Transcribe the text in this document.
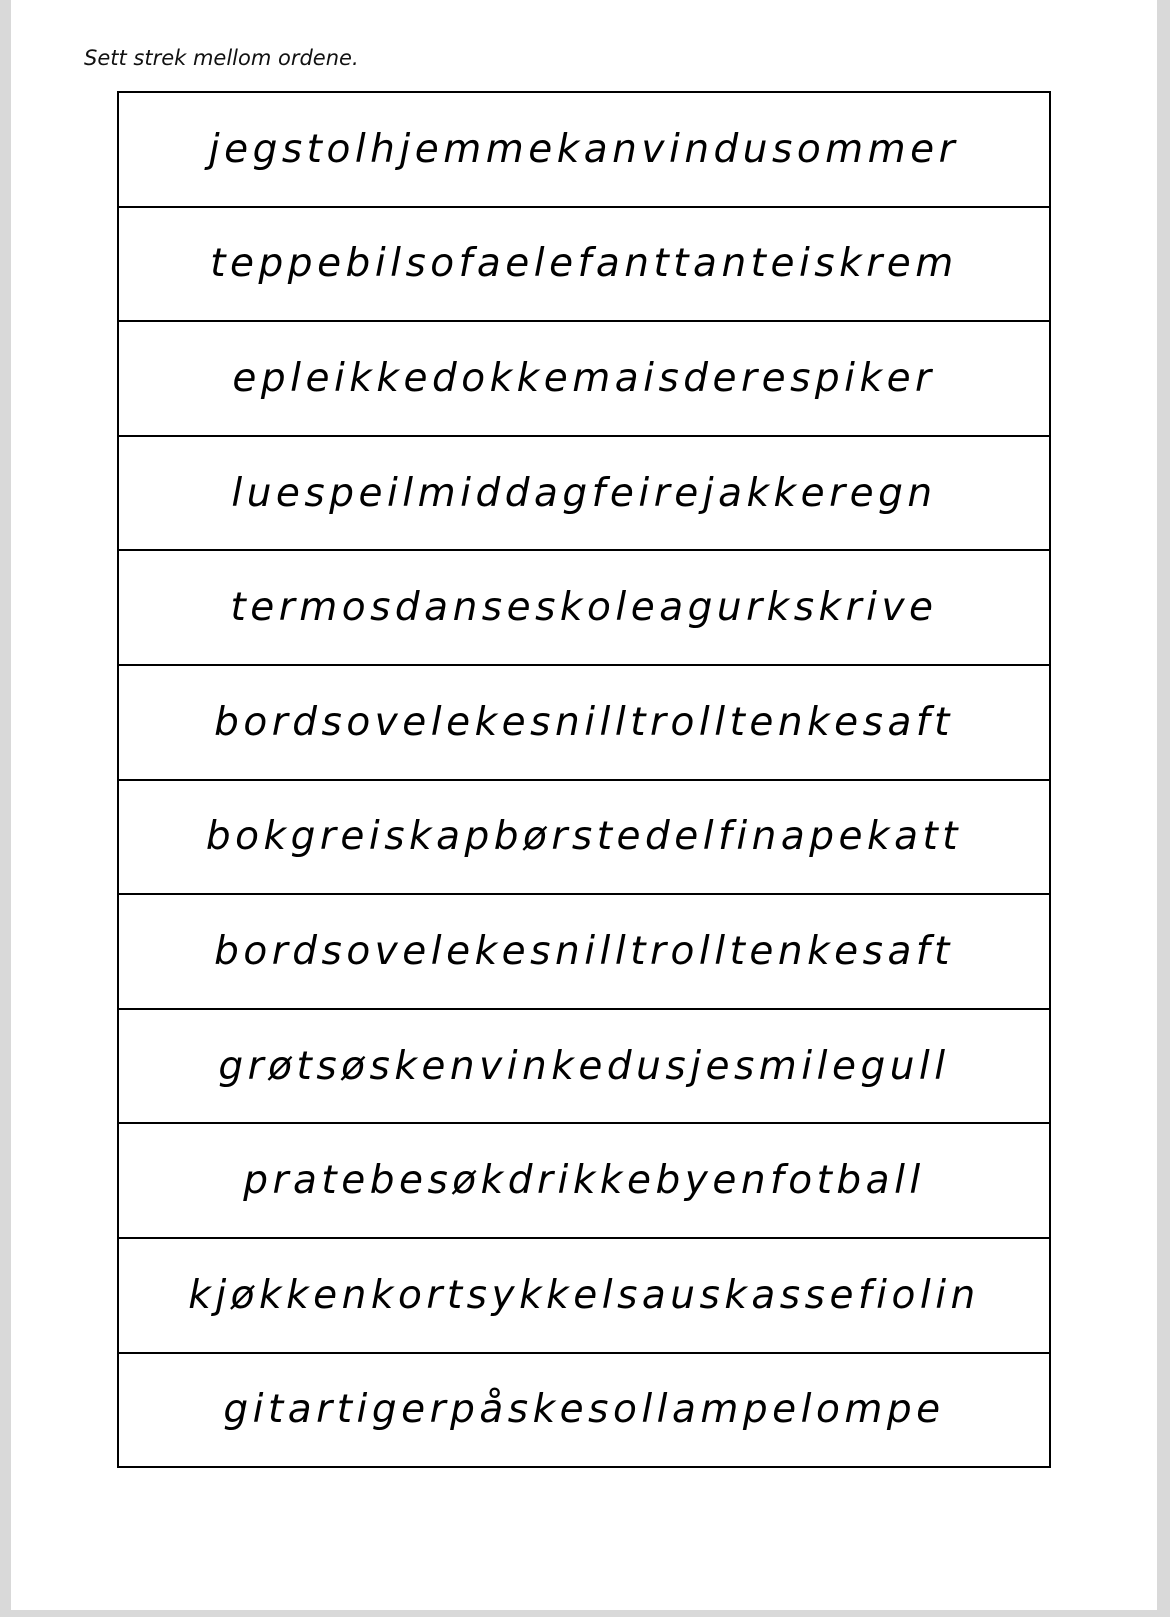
Sett strek mellom ordene.

jegstolhjemmekanvindusommer
teppebilsofaelefanttanteiskrem
epleikkedokkemaisderespiker
luespeilmiddagfeirejakkeregn
termosdanseskoleagurkskrive
bordsovelekesnilltrolltenkesaft
bokgreiskapbørstedelfinapekatt
bordsovelekesnilltrolltenkesaft
grøtsøskenvinkedusjesmilegull
pratebesøkdrikkebyenfotball
kjøkkenkortsykkelsauskassefiolin
gitartigerpåskesollampelompe
